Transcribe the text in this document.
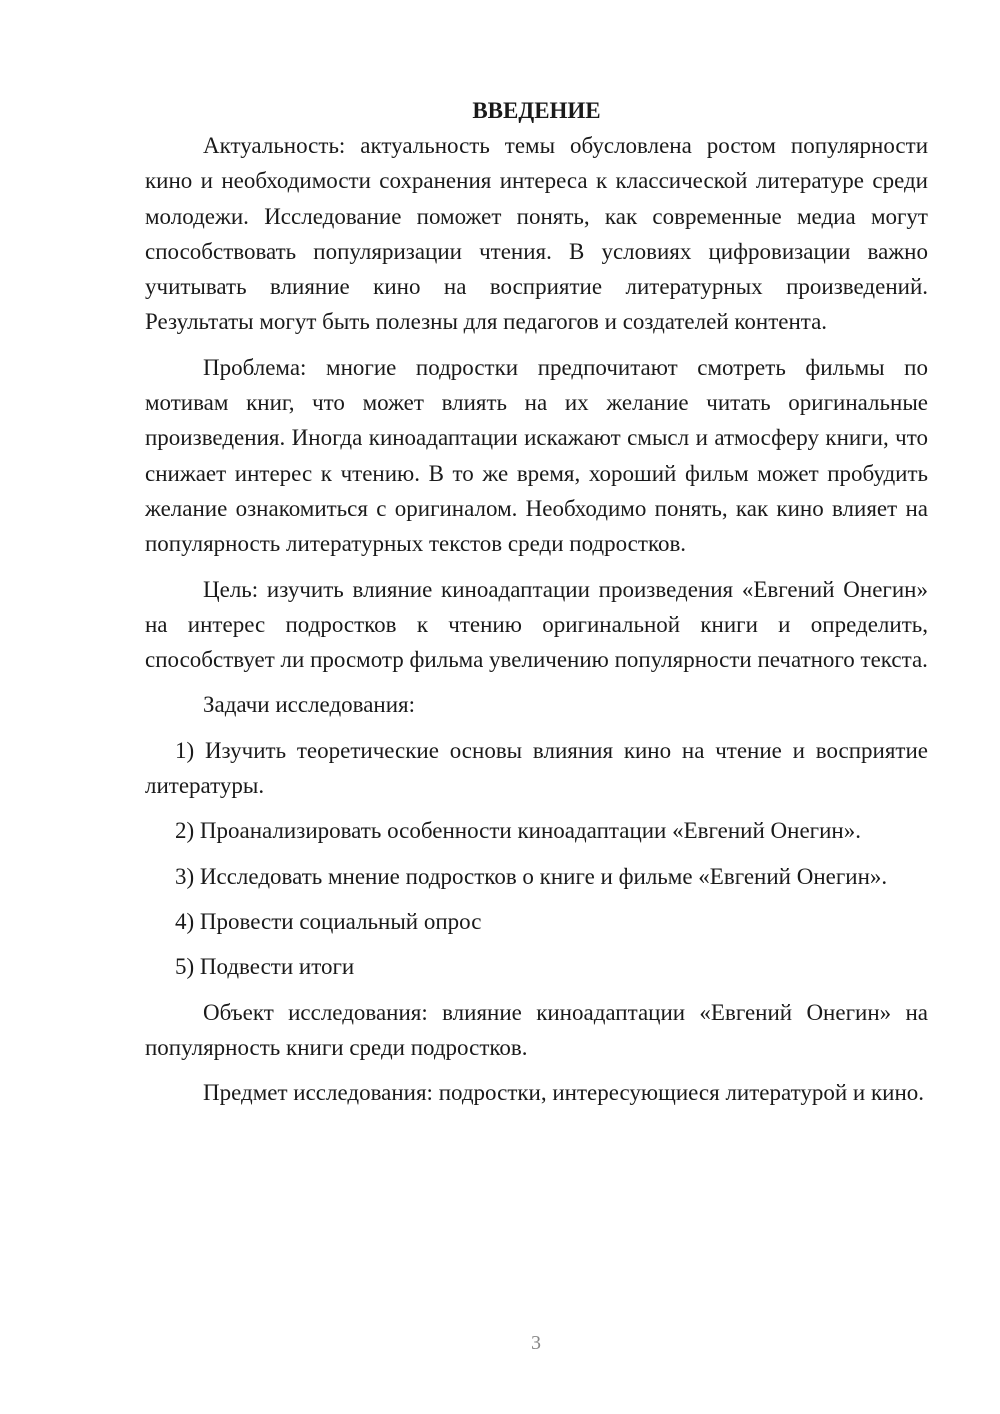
ВВЕДЕНИЕ

Актуальность: актуальность темы обусловлена ростом популярности кино и необходимости сохранения интереса к классической литературе среди молодежи. Исследование поможет понять, как современные медиа могут способствовать популяризации чтения. В условиях цифровизации важно учитывать влияние кино на восприятие литературных произведений. Результаты могут быть полезны для педагогов и создателей контента.

Проблема: многие подростки предпочитают смотреть фильмы по мотивам книг, что может влиять на их желание читать оригинальные произведения. Иногда киноадаптации искажают смысл и атмосферу книги, что снижает интерес к чтению. В то же время, хороший фильм может пробудить желание ознакомиться с оригиналом. Необходимо понять, как кино влияет на популярность литературных текстов среди подростков.

Цель: изучить влияние киноадаптации произведения «Евгений Онегин» на интерес подростков к чтению оригинальной книги и определить, способствует ли просмотр фильма увеличению популярности печатного текста.

Задачи исследования:

1) Изучить теоретические основы влияния кино на чтение и восприятие литературы.

2) Проанализировать особенности киноадаптации «Евгений Онегин».

3) Исследовать мнение подростков о книге и фильме «Евгений Онегин».

4) Провести социальный опрос

5) Подвести итоги

Объект исследования: влияние киноадаптации «Евгений Онегин» на популярность книги среди подростков.

Предмет исследования: подростки, интересующиеся литературой и кино.

3
